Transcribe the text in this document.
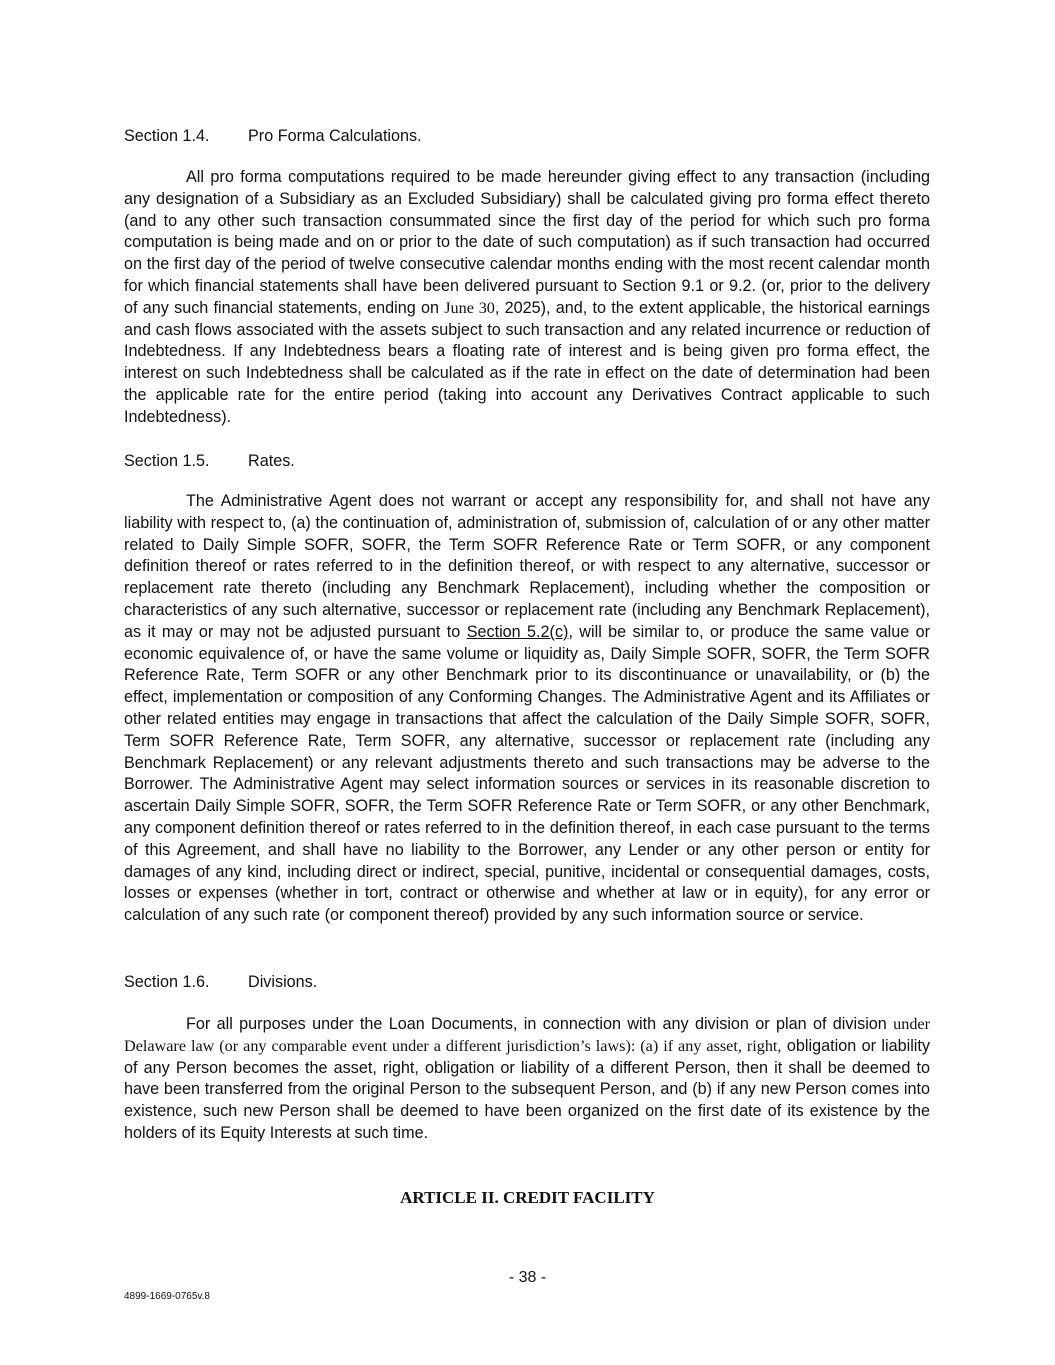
Section 1.4. Pro Forma Calculations.

All pro forma computations required to be made hereunder giving effect to any transaction (including any designation of a Subsidiary as an Excluded Subsidiary) shall be calculated giving pro forma effect thereto (and to any other such transaction consummated since the first day of the period for which such pro forma computation is being made and on or prior to the date of such computation) as if such transaction had occurred on the first day of the period of twelve consecutive calendar months ending with the most recent calendar month for which financial statements shall have been delivered pursuant to Section 9.1 or 9.2. (or, prior to the delivery of any such financial statements, ending on June 30, 2025), and, to the extent applicable, the historical earnings and cash flows associated with the assets subject to such transaction and any related incurrence or reduction of Indebtedness. If any Indebtedness bears a floating rate of interest and is being given pro forma effect, the interest on such Indebtedness shall be calculated as if the rate in effect on the date of determination had been the applicable rate for the entire period (taking into account any Derivatives Contract applicable to such Indebtedness).

Section 1.5. Rates.

The Administrative Agent does not warrant or accept any responsibility for, and shall not have any liability with respect to, (a) the continuation of, administration of, submission of, calculation of or any other matter related to Daily Simple SOFR, SOFR, the Term SOFR Reference Rate or Term SOFR, or any component definition thereof or rates referred to in the definition thereof, or with respect to any alternative, successor or replacement rate thereto (including any Benchmark Replacement), including whether the composition or characteristics of any such alternative, successor or replacement rate (including any Benchmark Replacement), as it may or may not be adjusted pursuant to Section 5.2(c), will be similar to, or produce the same value or economic equivalence of, or have the same volume or liquidity as, Daily Simple SOFR, SOFR, the Term SOFR Reference Rate, Term SOFR or any other Benchmark prior to its discontinuance or unavailability, or (b) the effect, implementation or composition of any Conforming Changes. The Administrative Agent and its Affiliates or other related entities may engage in transactions that affect the calculation of the Daily Simple SOFR, SOFR, Term SOFR Reference Rate, Term SOFR, any alternative, successor or replacement rate (including any Benchmark Replacement) or any relevant adjustments thereto and such transactions may be adverse to the Borrower. The Administrative Agent may select information sources or services in its reasonable discretion to ascertain Daily Simple SOFR, SOFR, the Term SOFR Reference Rate or Term SOFR, or any other Benchmark, any component definition thereof or rates referred to in the definition thereof, in each case pursuant to the terms of this Agreement, and shall have no liability to the Borrower, any Lender or any other person or entity for damages of any kind, including direct or indirect, special, punitive, incidental or consequential damages, costs, losses or expenses (whether in tort, contract or otherwise and whether at law or in equity), for any error or calculation of any such rate (or component thereof) provided by any such information source or service.

Section 1.6. Divisions.

For all purposes under the Loan Documents, in connection with any division or plan of division under Delaware law (or any comparable event under a different jurisdiction’s laws): (a) if any asset, right, obligation or liability of any Person becomes the asset, right, obligation or liability of a different Person, then it shall be deemed to have been transferred from the original Person to the subsequent Person, and (b) if any new Person comes into existence, such new Person shall be deemed to have been organized on the first date of its existence by the holders of its Equity Interests at such time.

ARTICLE II. CREDIT FACILITY
- 38 -
4899-1669-0765v.8
